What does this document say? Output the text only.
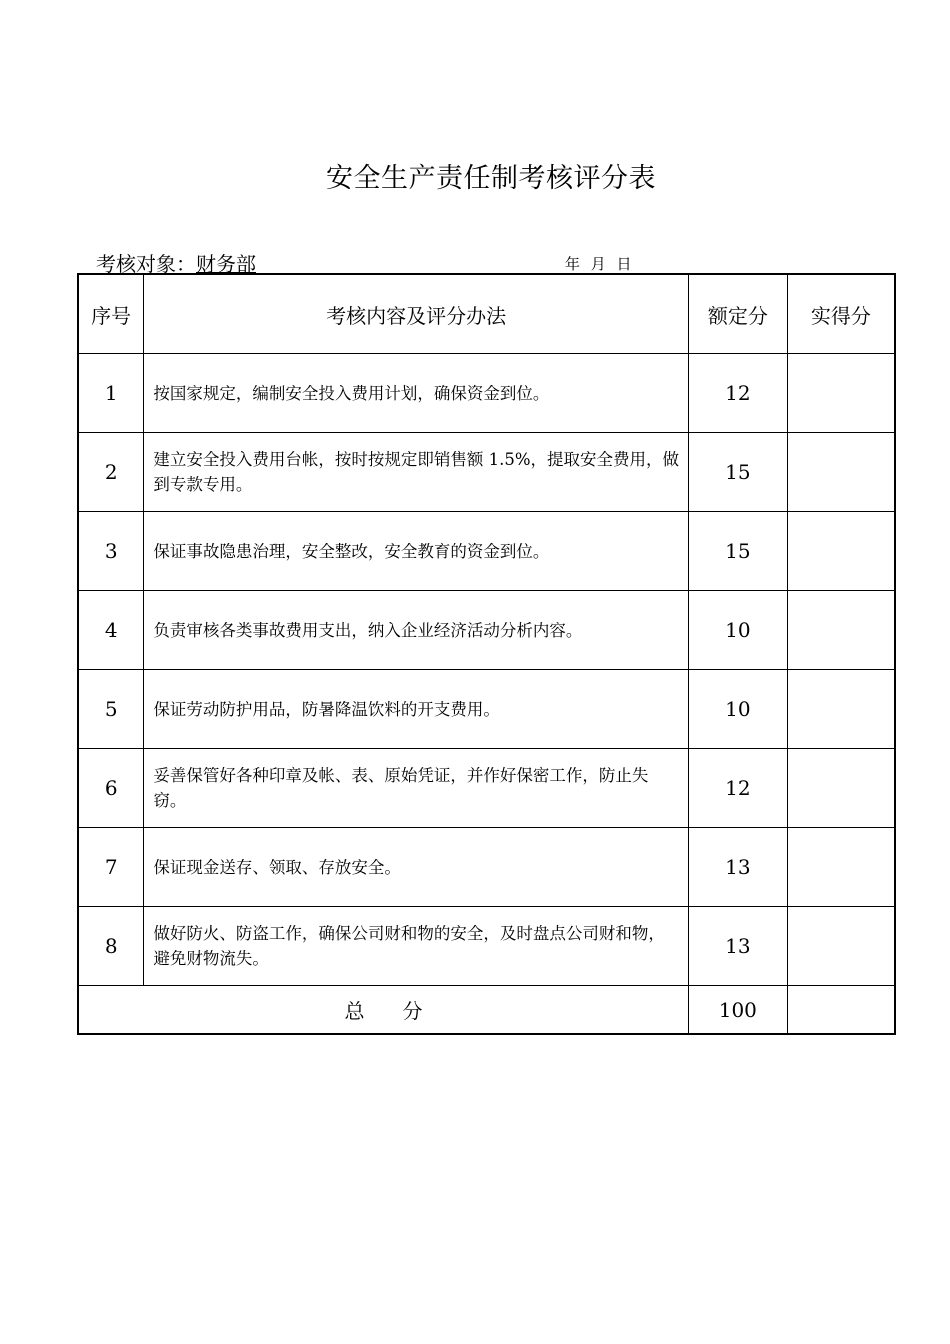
安全生产责任制考核评分表
考核对象：财务部	年 月 日
序号	考核内容及评分办法	额定分	实得分
1	按国家规定，编制安全投入费用计划，确保资金到位。	12	
2	建立安全投入费用台帐，按时按规定即销售额 1.5%，提取安全费用，做到专款专用。	15	
3	保证事故隐患治理，安全整改，安全教育的资金到位。	15	
4	负责审核各类事故费用支出，纳入企业经济活动分析内容。	10	
5	保证劳动防护用品，防暑降温饮料的开支费用。	10	
6	妥善保管好各种印章及帐、表、原始凭证，并作好保密工作，防止失窃。	12	
7	保证现金送存、领取、存放安全。	13	
8	做好防火、防盗工作，确保公司财和物的安全，及时盘点公司财和物，避免财物流失。	13	
总分		100	
